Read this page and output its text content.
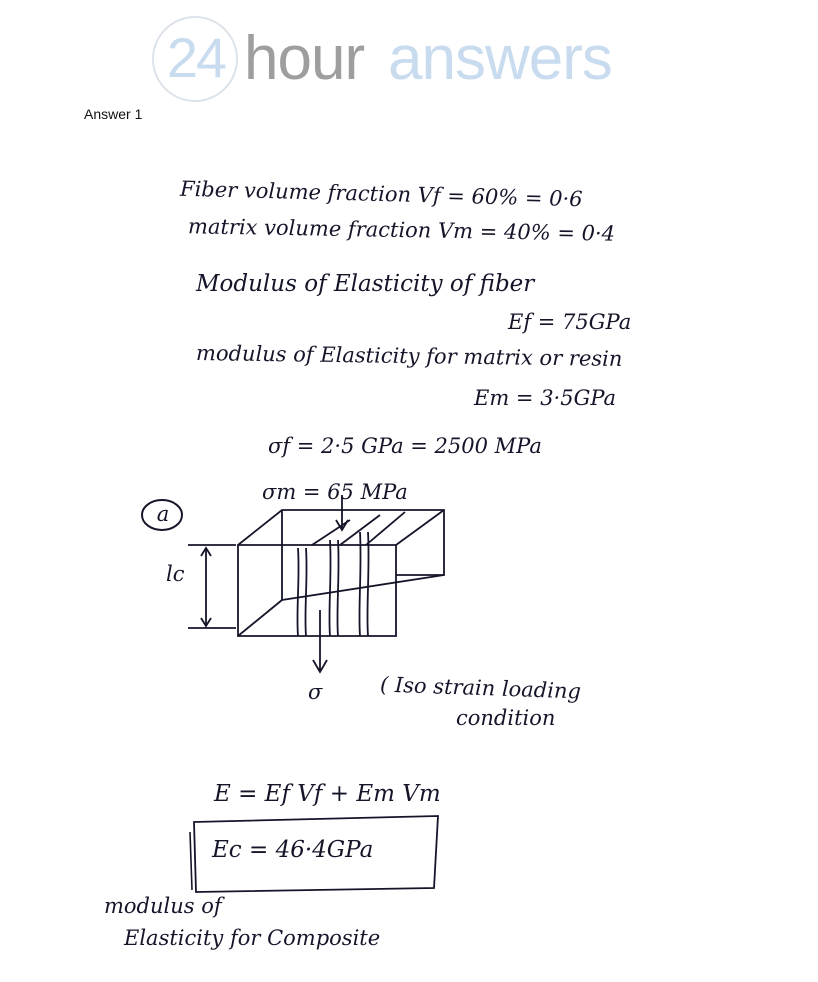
24 hour answers
Answer 1
Fiber volume fraction Vf = 60% = 0·6
matrix volume fraction Vm = 40% = 0·4
Modulus of Elasticity of fiber
Ef = 75GPa
modulus of Elasticity for matrix or resin
Em = 3·5GPa
σf = 2·5 GPa = 2500 MPa
σm = 65 MPa
a
lc
σ	( Iso strain loading
condition
E = Ef Vf + Em Vm
Ec = 46·4GPa
modulus of
Elasticity for Composite
